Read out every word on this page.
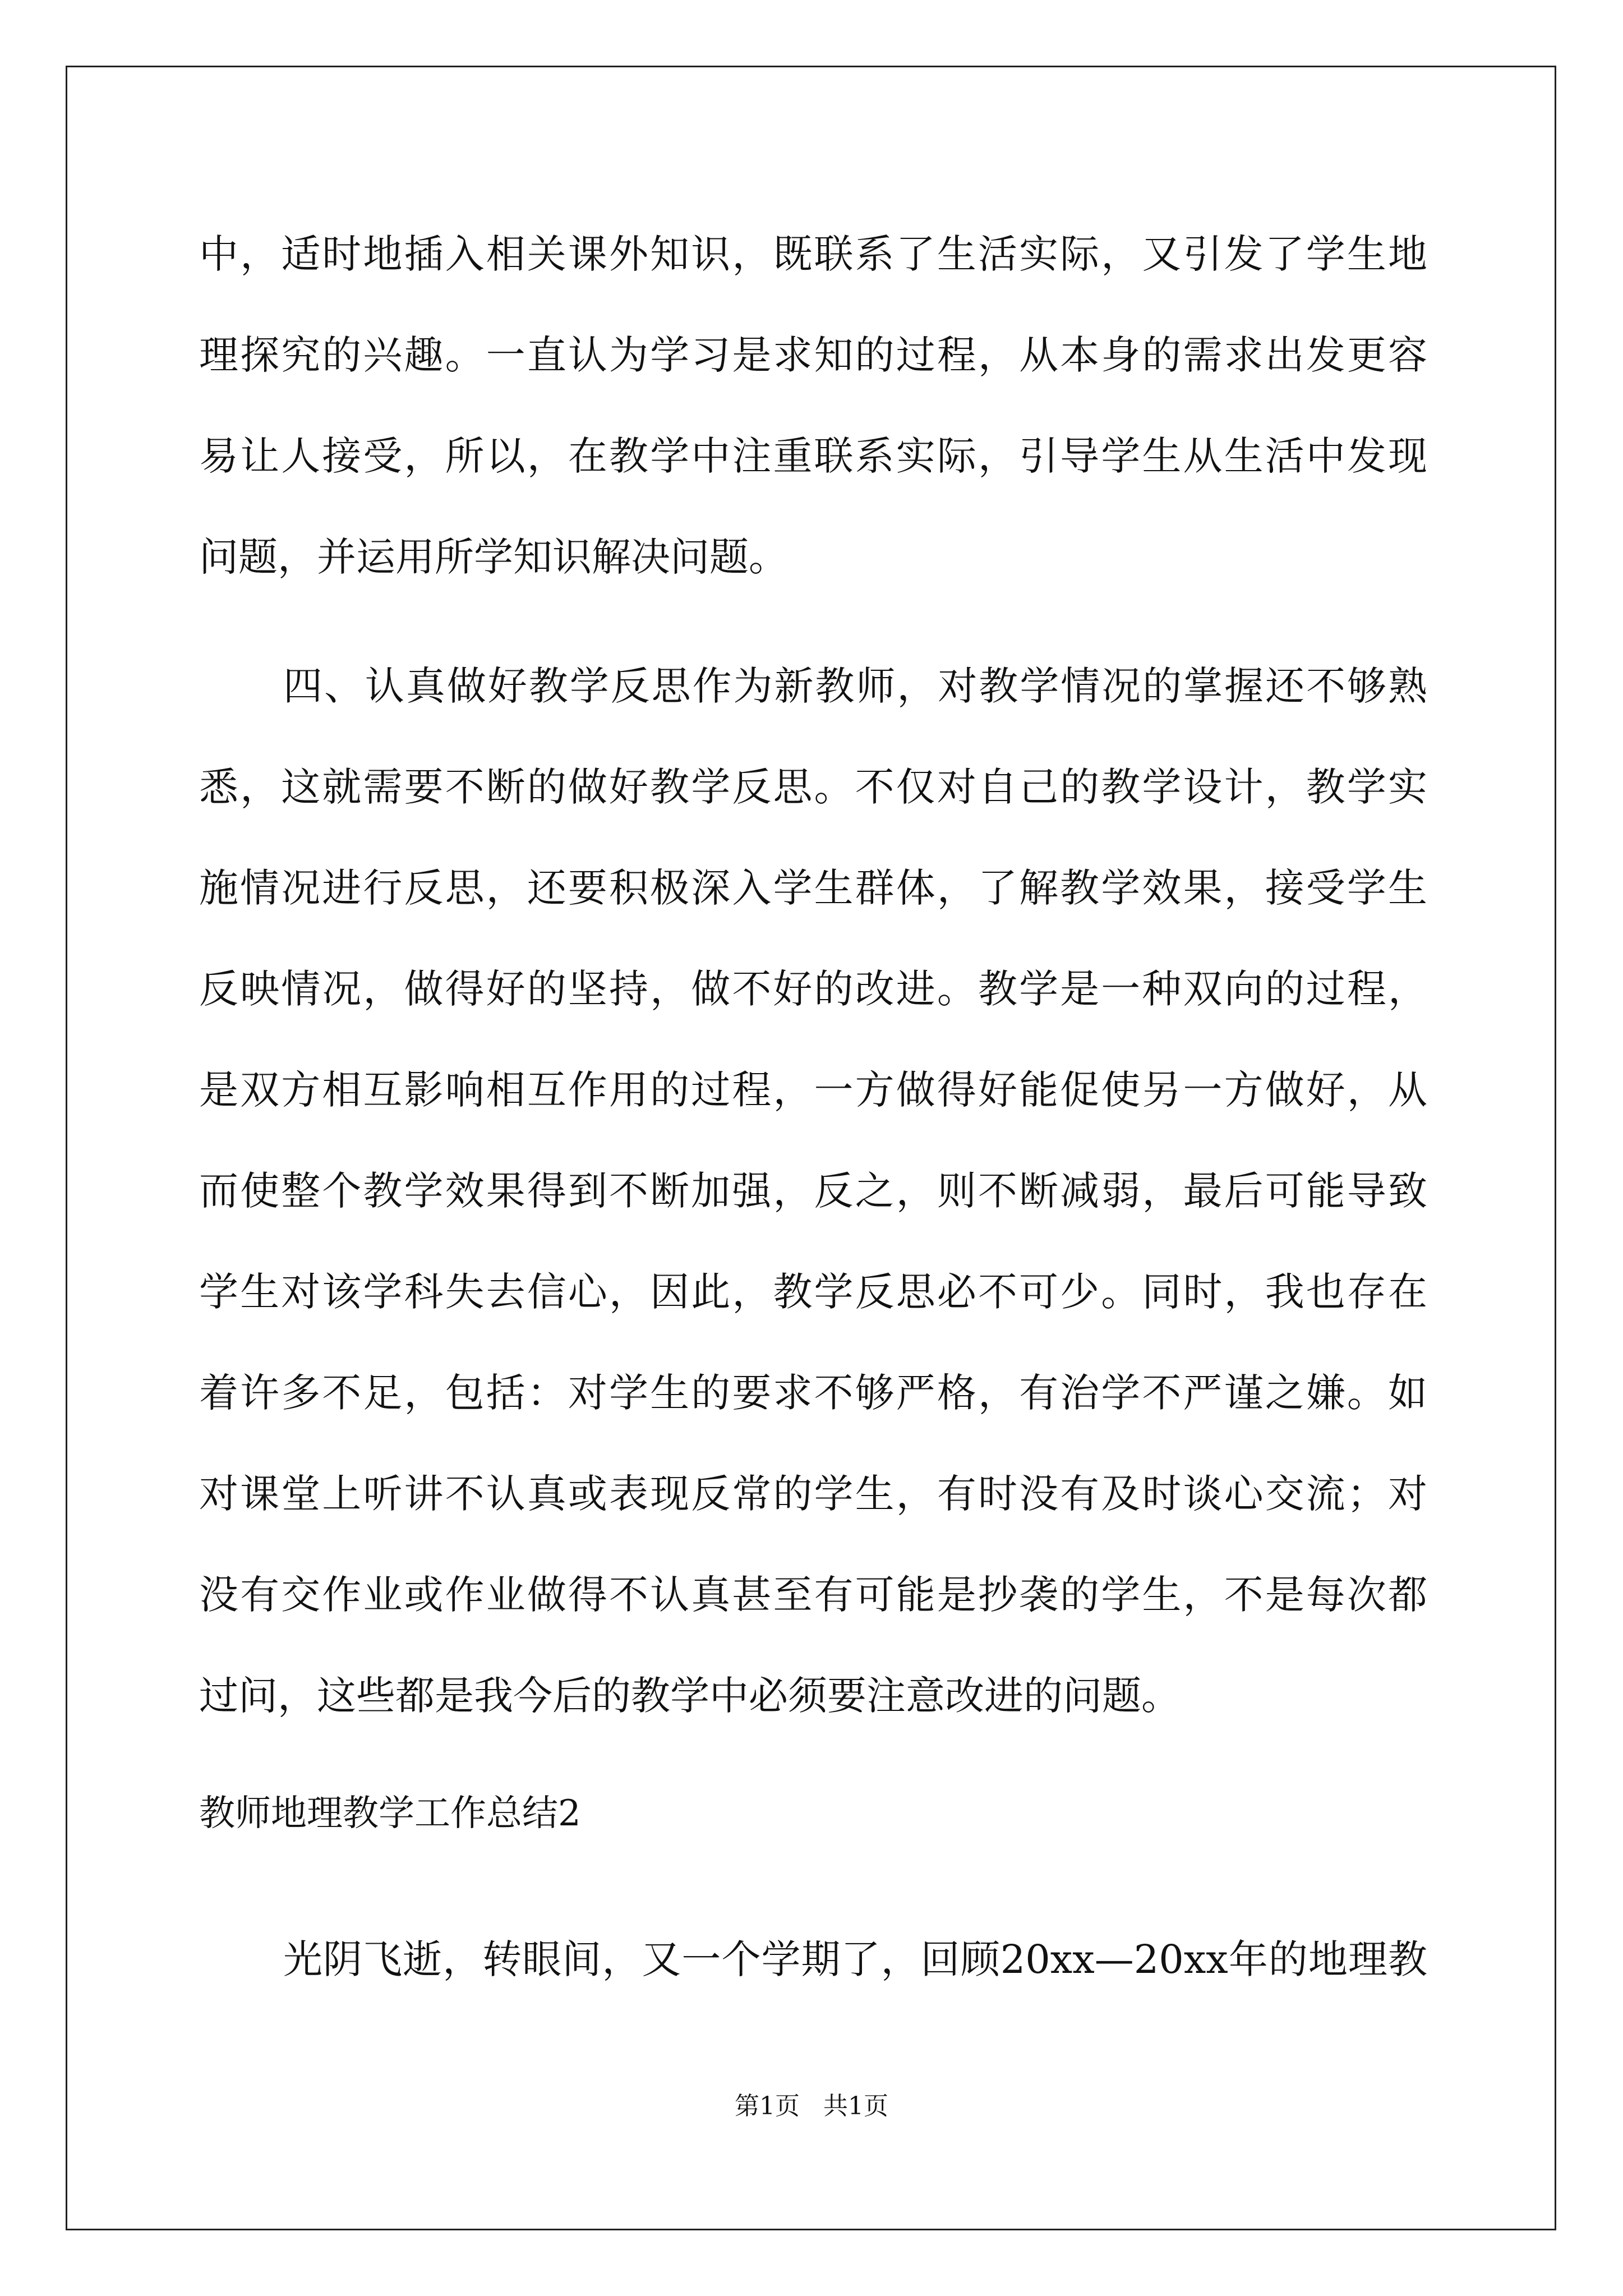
中，适时地插入相关课外知识，既联系了生活实际，又引发了学生地
理探究的兴趣。一直认为学习是求知的过程，从本身的需求出发更容
易让人接受，所以，在教学中注重联系实际，引导学生从生活中发现
问题，并运用所学知识解决问题。
四、认真做好教学反思作为新教师，对教学情况的掌握还不够熟
悉，这就需要不断的做好教学反思。不仅对自己的教学设计，教学实
施情况进行反思，还要积极深入学生群体，了解教学效果，接受学生
反映情况，做得好的坚持，做不好的改进。教学是一种双向的过程，
是双方相互影响相互作用的过程，一方做得好能促使另一方做好，从
而使整个教学效果得到不断加强，反之，则不断减弱，最后可能导致
学生对该学科失去信心，因此，教学反思必不可少。同时，我也存在
着许多不足，包括：对学生的要求不够严格，有治学不严谨之嫌。如
对课堂上听讲不认真或表现反常的学生，有时没有及时谈心交流；对
没有交作业或作业做得不认真甚至有可能是抄袭的学生，不是每次都
过问，这些都是我今后的教学中必须要注意改进的问题。
教师地理教学工作总结2
光阴飞逝，转眼间，又一个学期了，回顾20xx—20xx年的地理教
第1页   共1页
